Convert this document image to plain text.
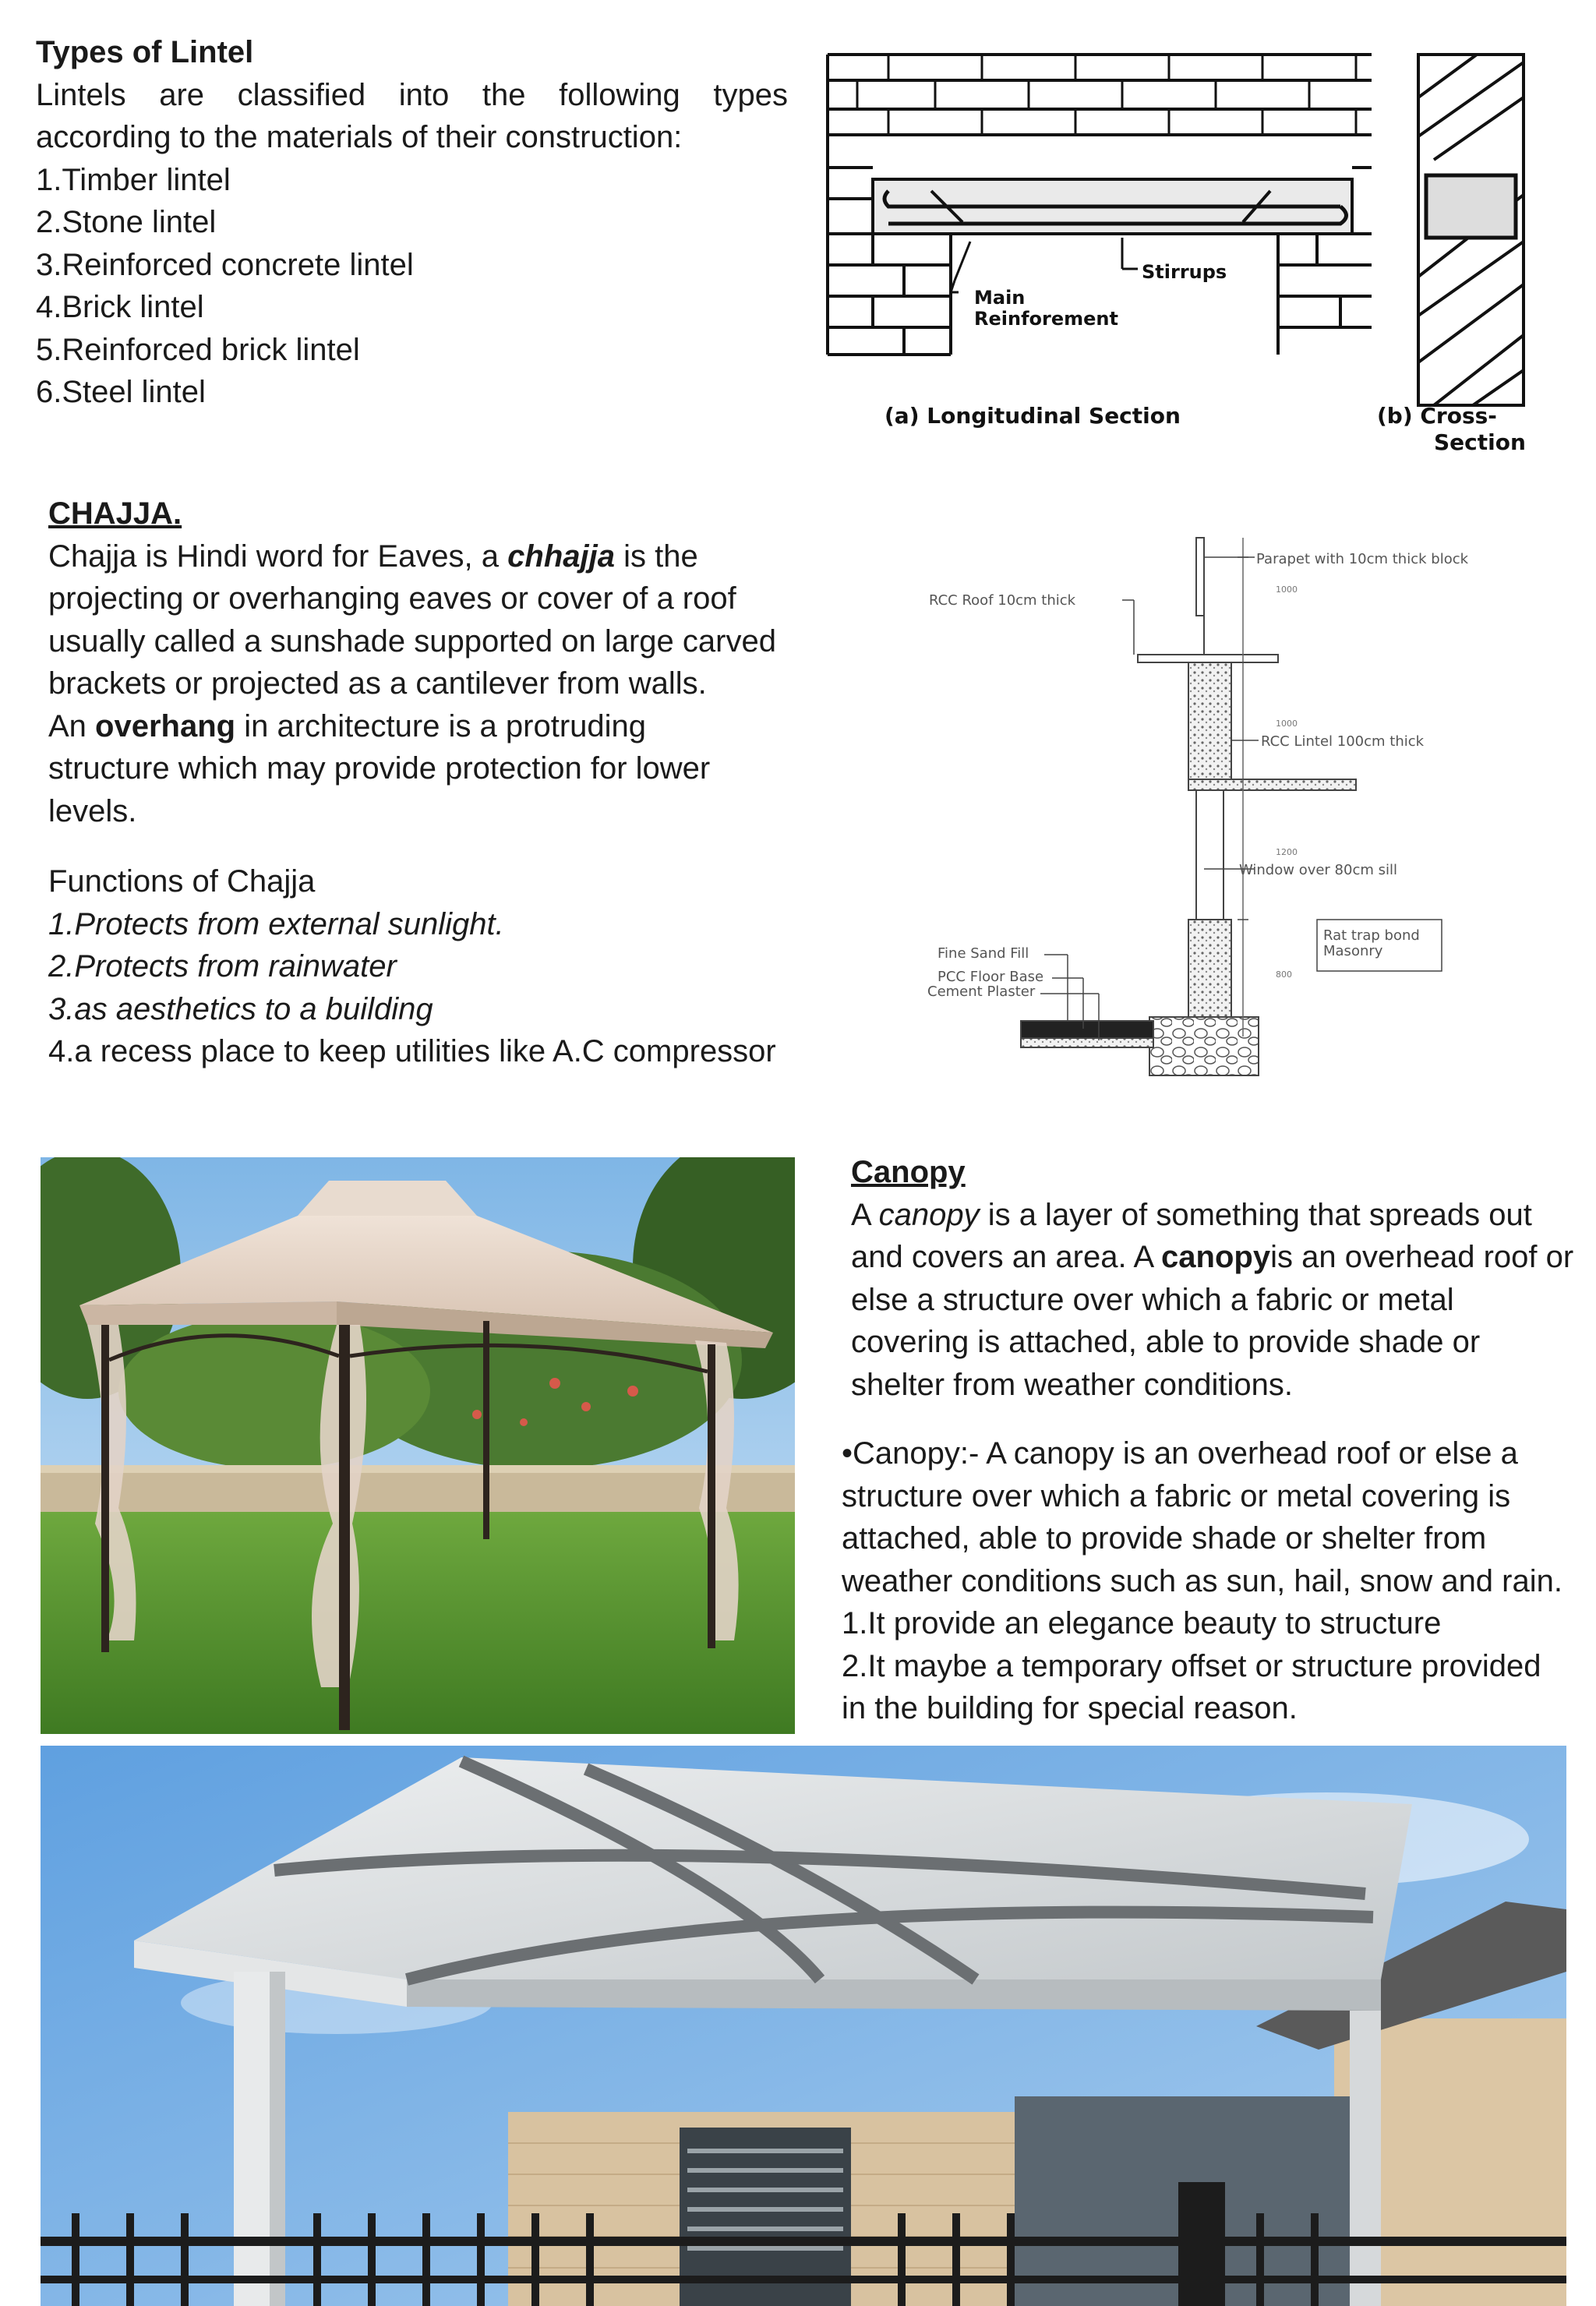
Types of Lintel
Lintels are classified into the following types
according to the materials of their construction:
1.Timber lintel
2.Stone lintel
3.Reinforced concrete lintel
4.Brick lintel
5.Reinforced brick lintel
6.Steel lintel
Main
Reinforement
Stirrups
(a) Longitudinal Section	(b) Cross-
Section
CHAJJA.
Chajja is Hindi word for Eaves, a chhajja is the
projecting or overhanging eaves or cover of a roof
usually called a sunshade supported on large carved
brackets or projected as a cantilever from walls.
An overhang in architecture is a protruding
structure which may provide protection for lower
levels.
Functions of Chajja
1.Protects from external sunlight.
2.Protects from rainwater
3.as aesthetics to a building
4.a recess place to keep utilities like A.C compressor
Parapet with 10cm thick block
RCC Roof 10cm thick
RCC Lintel 100cm thick
Window over 80cm sill
Rat trap bond
Masonry
Fine Sand Fill
PCC Floor Base
Cement Plaster
1000
1000
1200
800
Canopy
A canopy is a layer of something that spreads out
and covers an area. A canopyis an overhead roof or
else a structure over which a fabric or metal
covering is attached, able to provide shade or
shelter from weather conditions.
•Canopy:- A canopy is an overhead roof or else a
structure over which a fabric or metal covering is
attached, able to provide shade or shelter from
weather conditions such as sun, hail, snow and rain.
1.It provide an elegance beauty to structure
2.It maybe a temporary offset or structure provided
in the building for special reason.
